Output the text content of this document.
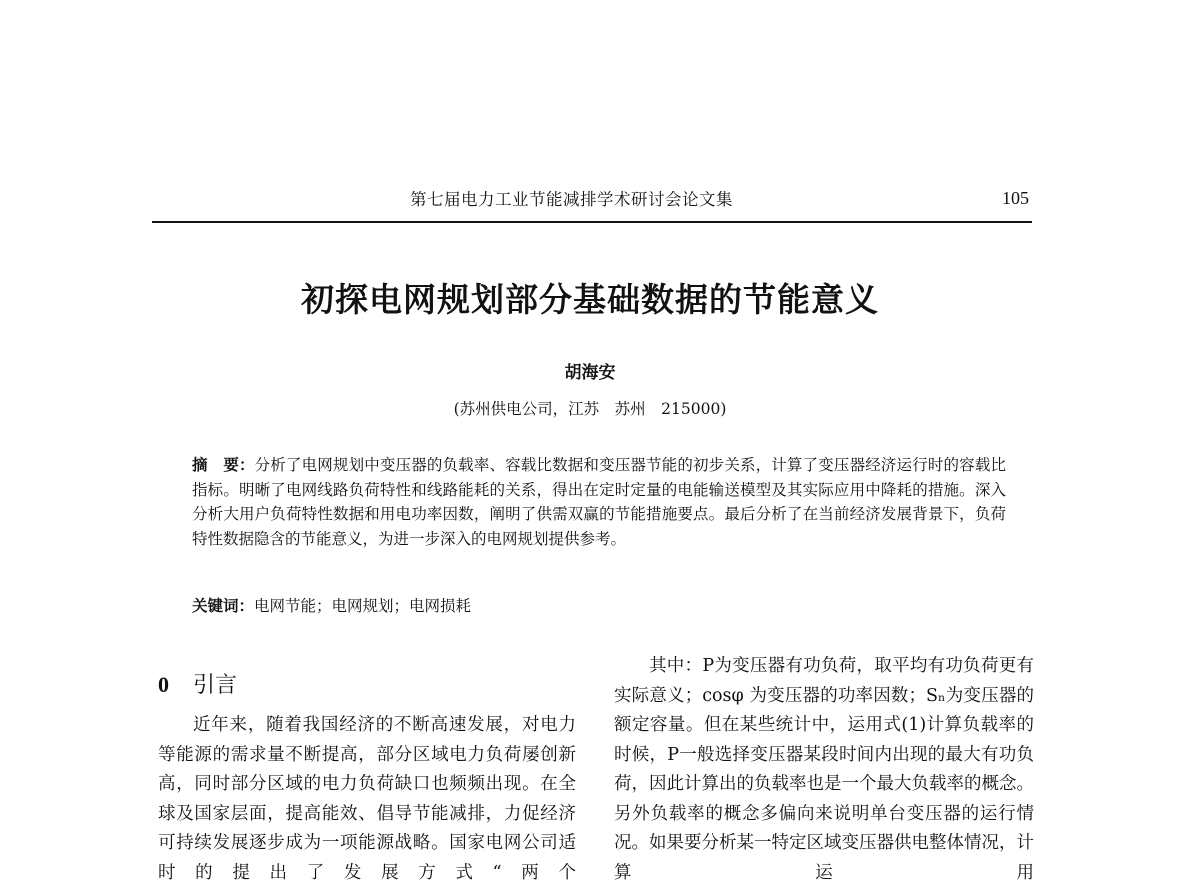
第七届电力工业节能减排学术研讨会论文集	105
初探电网规划部分基础数据的节能意义
胡海安
(苏州供电公司，江苏　苏州　215000)

摘　要：分析了电网规划中变压器的负载率、容载比数据和变压器节能的初步关系，计算了变压器经济运行时的容载比指标。明晰了电网线路负荷特性和线路能耗的关系，得出在定时定量的电能输送模型及其实际应用中降耗的措施。深入分析大用户负荷特性数据和用电功率因数，阐明了供需双赢的节能措施要点。最后分析了在当前经济发展背景下，负荷特性数据隐含的节能意义，为进一步深入的电网规划提供参考。

关键词：电网节能；电网规划；电网损耗

0 引言

近年来，随着我国经济的不断高速发展，对电力等能源的需求量不断提高，部分区域电力负荷屡创新高，同时部分区域的电力负荷缺口也频频出现。在全球及国家层面，提高能效、倡导节能减排，力促经济可持续发展逐步成为一项能源战略。国家电网公司适时的提出了发展方式“两个

其中：P为变压器有功负荷，取平均有功负荷更有实际意义；cosφ 为变压器的功率因数；Sₙ为变压器的额定容量。但在某些统计中，运用式(1)计算负载率的时候，P一般选择变压器某段时间内出现的最大有功负荷，因此计算出的负载率也是一个最大负载率的概念。另外负载率的概念多偏向来说明单台变压器的运行情况。如果要分析某一特定区域变压器供电整体情况，计算运用
